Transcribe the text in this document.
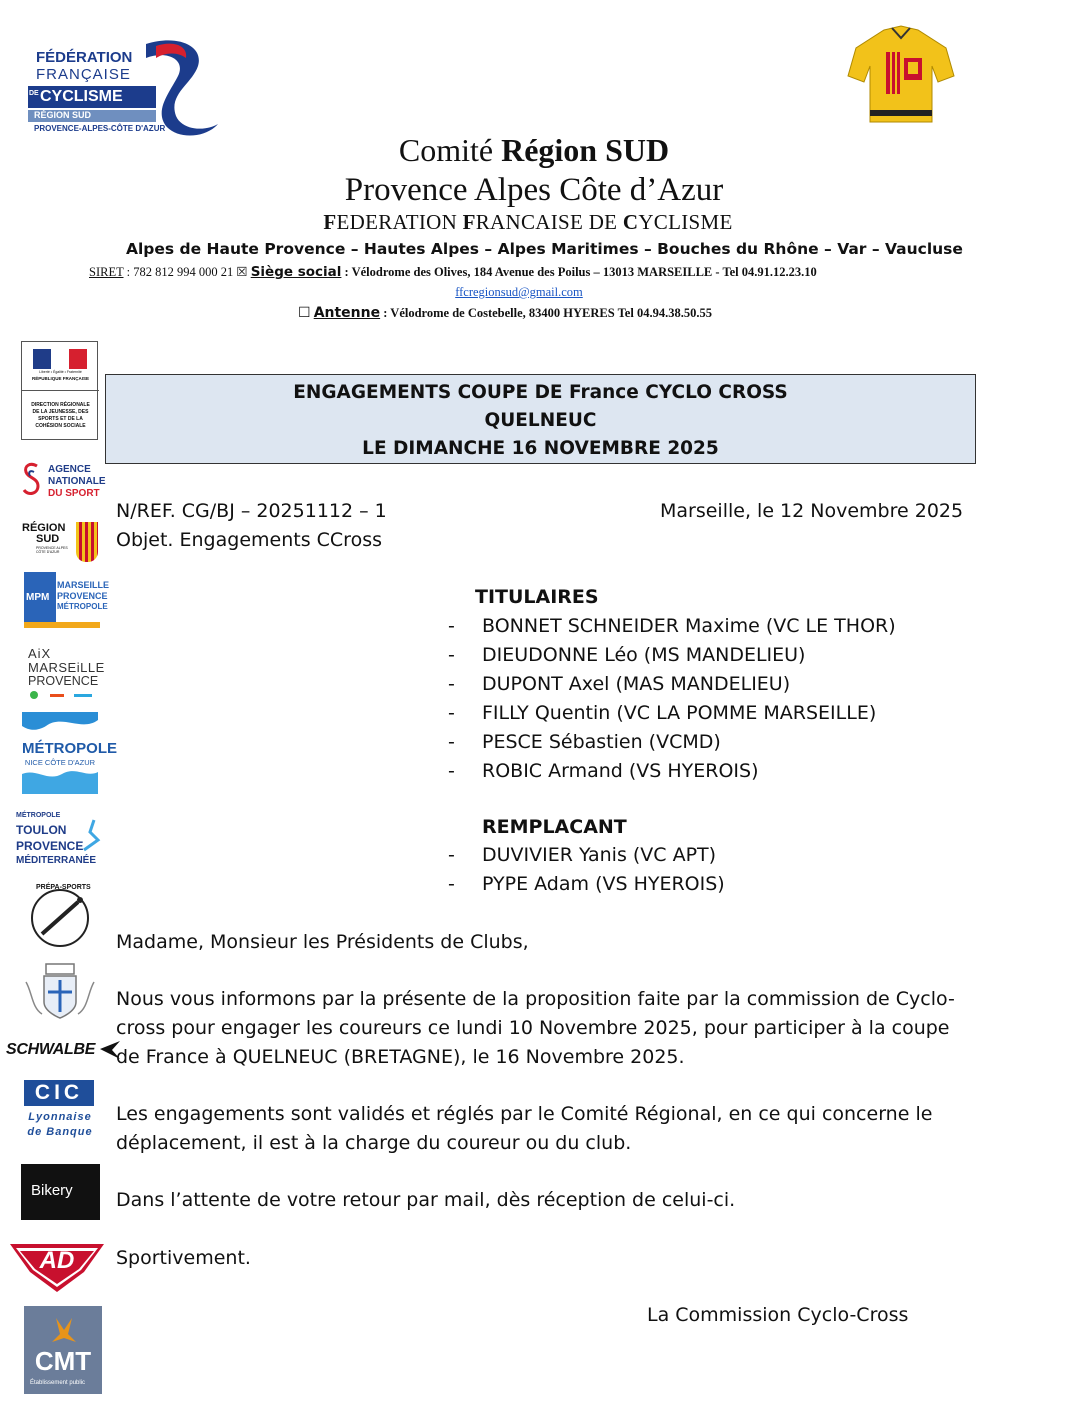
FÉDÉRATION
FRANÇAISE
DE CYCLISME
RÉGION SUD
PROVENCE-ALPES-CÔTE D'AZUR
Comité Région SUD
Provence Alpes Côte d’Azur
FEDERATION FRANCAISE DE CYCLISME
Alpes de Haute Provence – Hautes Alpes – Alpes Maritimes – Bouches du Rhône – Var – Vaucluse
SIRET : 782 812 994 000 21 ☒ Siège social : Vélodrome des Olives, 184 Avenue des Poilus – 13013 MARSEILLE - Tel 04.91.12.23.10
ffcregionsud@gmail.com
☐ Antenne : Vélodrome de Costebelle, 83400 HYERES Tel 04.94.38.50.55
Liberté • Égalité • Fraternité
RÉPUBLIQUE FRANÇAISE
DIRECTION RÉGIONALE DE LA JEUNESSE, DES SPORTS ET DE LA COHÉSION SOCIALE
AGENCE
NATIONALE
DU SPORT
RÉGION
SUD
PROVENCE ALPES CÔTE D'AZUR
MPM
MARSEILLE
PROVENCE
MÉTROPOLE
AiX
MARSEiLLE
PROVENCE
MÉTROPOLE
NICE CÔTE D'AZUR
MÉTROPOLE
TOULON
PROVENCE
MÉDITERRANÉE
PRÉPA-SPORTS
SCHWALBE
CIC
Lyonnaise
de Banque
Bikery
AD
CMT
Établissement public
ENGAGEMENTS COUPE DE France CYCLO CROSS
QUELNEUC
LE DIMANCHE 16 NOVEMBRE 2025
N/REF. CG/BJ – 20251112 – 1	Marseille, le 12 Novembre 2025
Objet. Engagements CCross
TITULAIRES
- BONNET SCHNEIDER Maxime (VC LE THOR)
- DIEUDONNE Léo (MS MANDELIEU)
- DUPONT Axel (MAS MANDELIEU)
- FILLY Quentin (VC LA POMME MARSEILLE)
- PESCE Sébastien (VCMD)
- ROBIC Armand (VS HYEROIS)
REMPLACANT
- DUVIVIER Yanis (VC APT)
- PYPE Adam (VS HYEROIS)
Madame, Monsieur les Présidents de Clubs,
Nous vous informons par la présente de la proposition faite par la commission de Cyclo-cross pour engager les coureurs ce lundi 10 Novembre 2025, pour participer à la coupe de France à QUELNEUC (BRETAGNE), le 16 Novembre 2025.
Les engagements sont validés et réglés par le Comité Régional, en ce qui concerne le déplacement, il est à la charge du coureur ou du club.
Dans l’attente de votre retour par mail, dès réception de celui-ci.
Sportivement.
La Commission Cyclo-Cross
